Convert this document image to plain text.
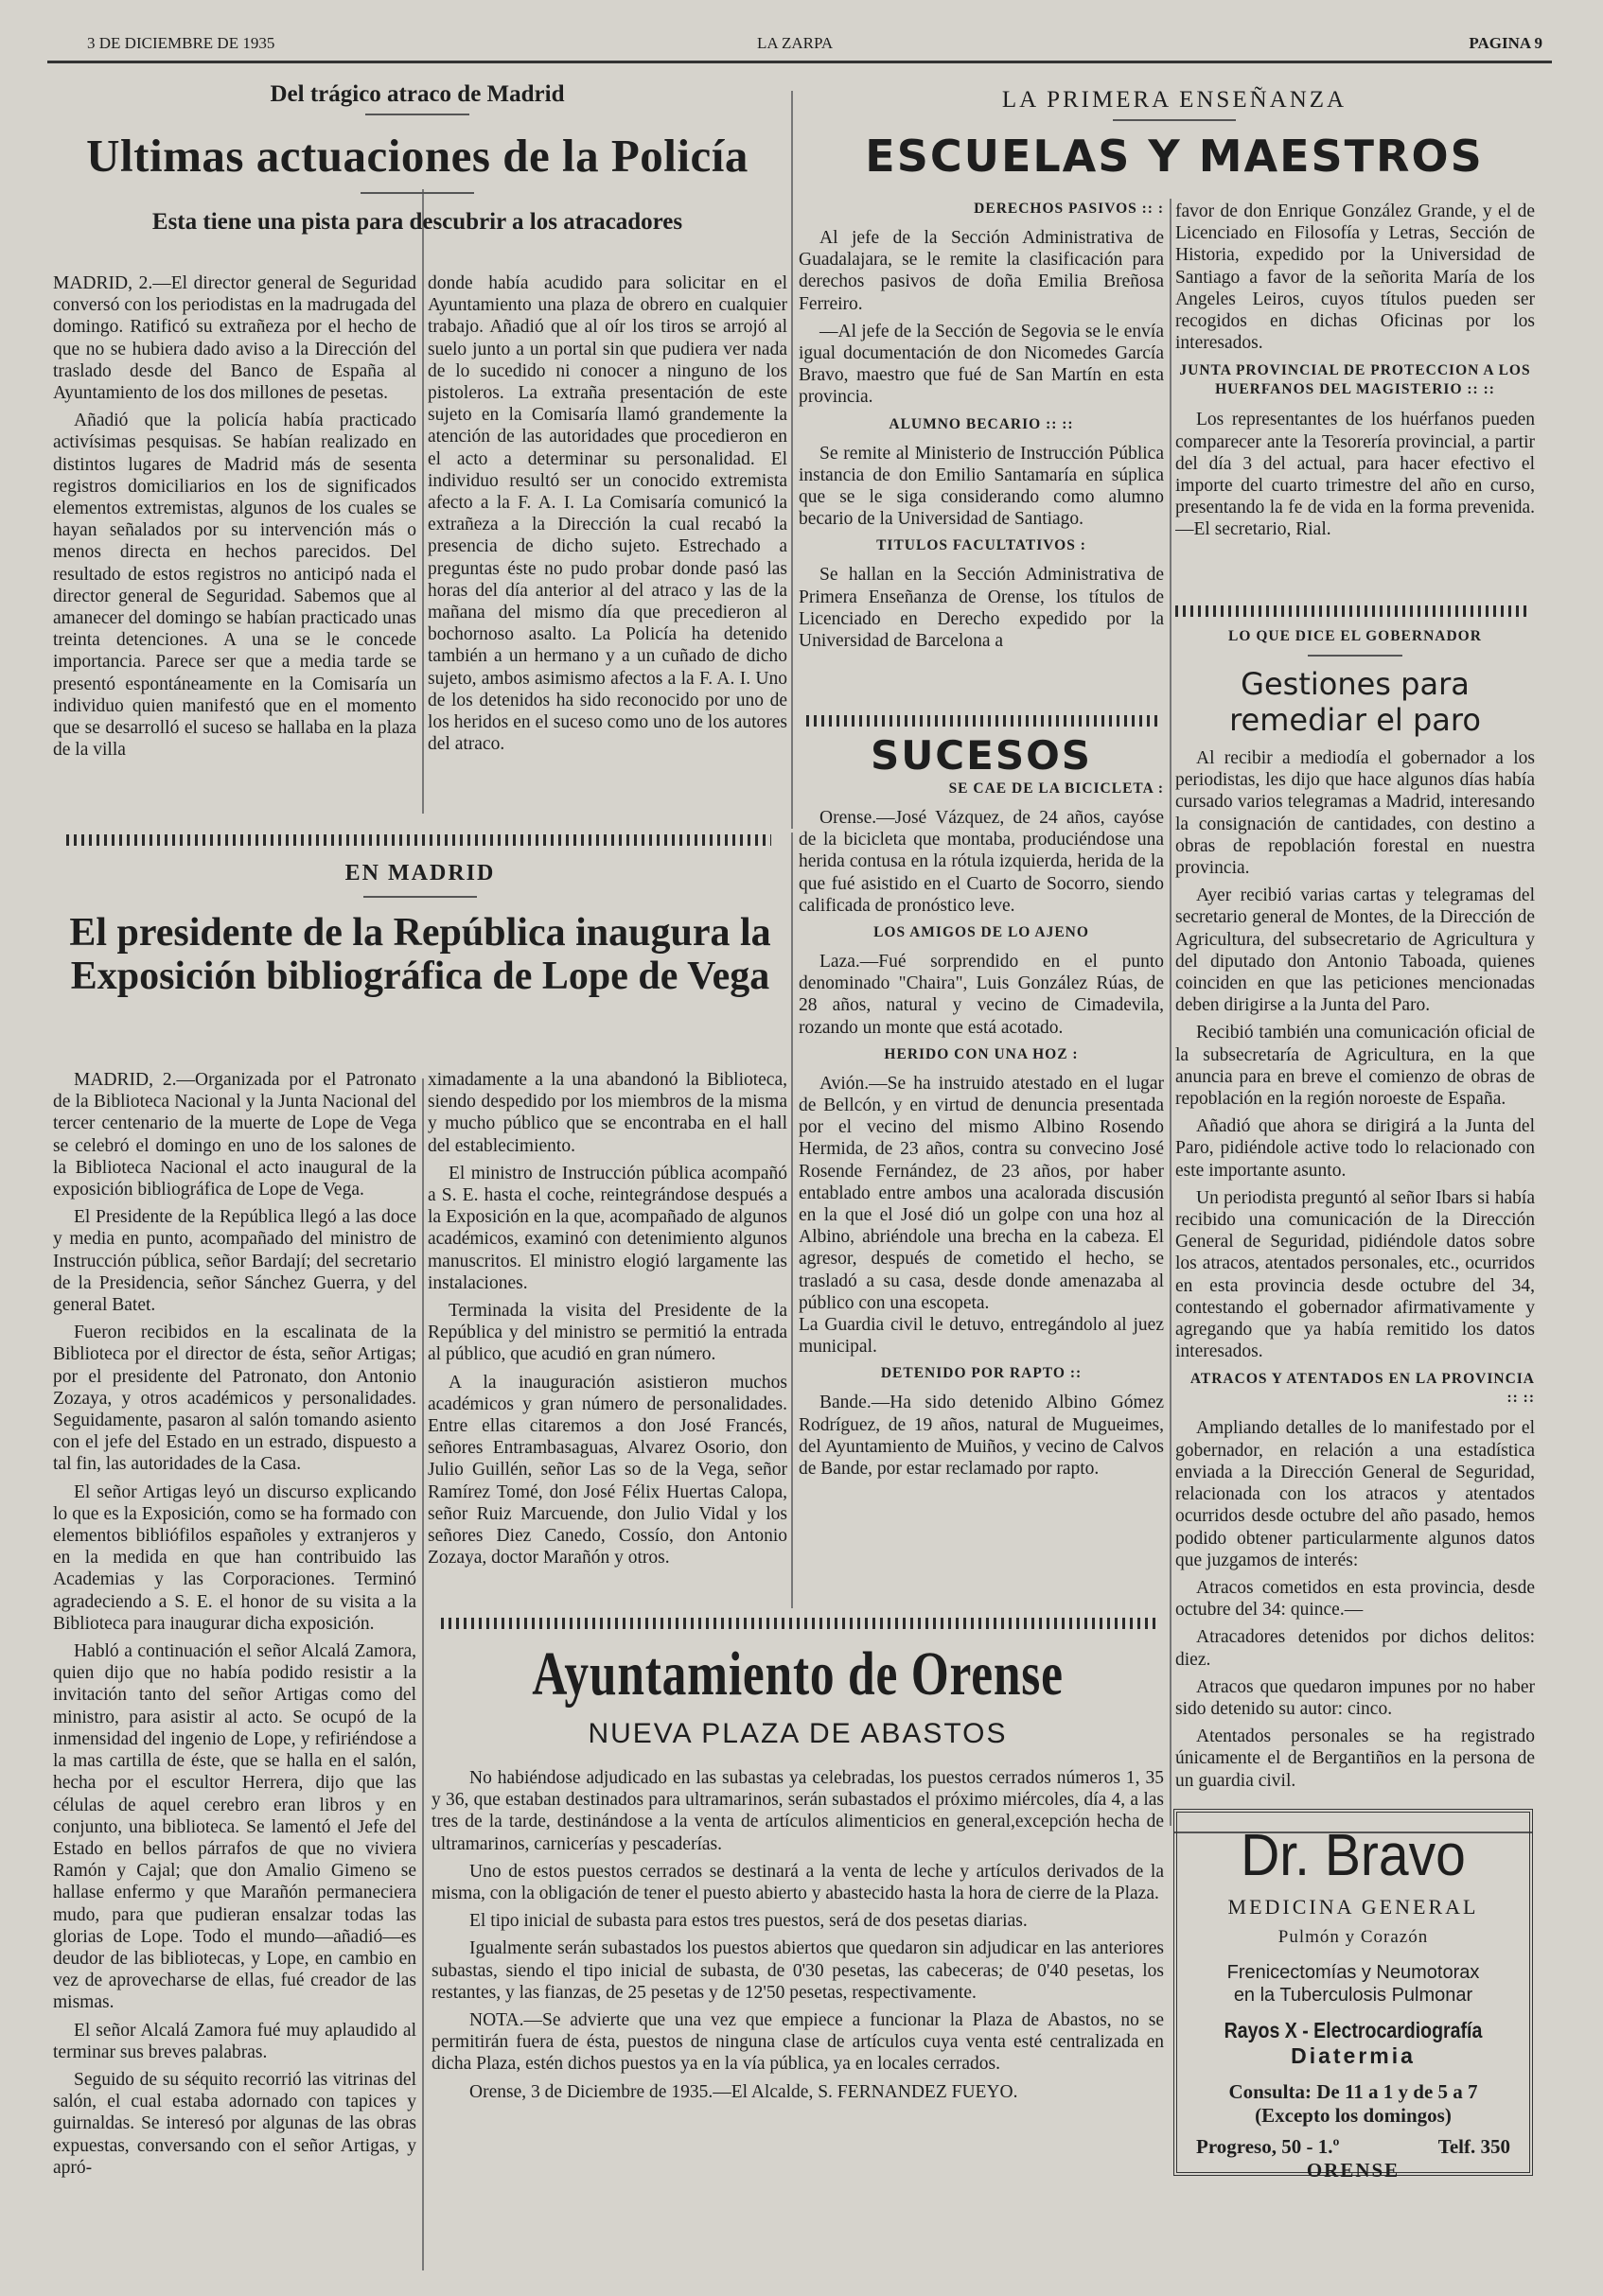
3 DE DICIEMBRE DE 1935	LA ZARPA	PAGINA 9
Del trágico atraco de Madrid
Ultimas actuaciones de la Policía
Esta tiene una pista para descubrir a los atracadores

MADRID, 2.—El director general de Seguridad conversó con los periodistas en la madrugada del domingo. Ratificó su extrañeza por el hecho de que no se hubiera dado aviso a la Dirección del traslado desde del Banco de España al Ayuntamiento de los dos millones de pesetas.

Añadió que la policía había practicado activísimas pesquisas. Se habían realizado en distintos lugares de Madrid más de sesenta registros domiciliarios en los de significados elementos extremistas, algunos de los cuales se hayan señalados por su intervención más o menos directa en hechos parecidos. Del resultado de estos registros no anticipó nada el director general de Seguridad. Sabemos que al amanecer del domingo se habían practicado unas treinta detenciones. A una se le concede importancia. Parece ser que a media tarde se presentó espontáneamente en la Comisaría un individuo quien manifestó que en el momento que se desarrolló el suceso se hallaba en la plaza de la villa

donde había acudido para solicitar en el Ayuntamiento una plaza de obrero en cualquier trabajo. Añadió que al oír los tiros se arrojó al suelo junto a un portal sin que pudiera ver nada de lo sucedido ni conocer a ninguno de los pistoleros. La extraña presentación de este sujeto en la Comisaría llamó grandemente la atención de las autoridades que procedieron en el acto a determinar su personalidad. El individuo resultó ser un conocido extremista afecto a la F. A. I. La Comisaría comunicó la extrañeza a la Dirección la cual recabó la presencia de dicho sujeto. Estrechado a preguntas éste no pudo probar donde pasó las horas del día anterior al del atraco y las de la mañana del mismo día que precedieron al bochornoso asalto. La Policía ha detenido también a un hermano y a un cuñado de dicho sujeto, ambos asimismo afectos a la F. A. I. Uno de los detenidos ha sido reconocido por uno de los heridos en el suceso como uno de los autores del atraco.

EN MADRID
El presidente de la República inaugura la Exposición bibliográfica de Lope de Vega

MADRID, 2.—Organizada por el Patronato de la Biblioteca Nacional y la Junta Nacional del tercer centenario de la muerte de Lope de Vega se celebró el domingo en uno de los salones de la Biblioteca Nacional el acto inaugural de la exposición bibliográfica de Lope de Vega.

El Presidente de la República llegó a las doce y media en punto, acompañado del ministro de Instrucción pública, señor Bardají; del secretario de la Presidencia, señor Sánchez Guerra, y del general Batet.

Fueron recibidos en la escalinata de la Biblioteca por el director de ésta, señor Artigas; por el presidente del Patronato, don Antonio Zozaya, y otros académicos y personalidades. Seguidamente, pasaron al salón tomando asiento con el jefe del Estado en un estrado, dispuesto a tal fin, las autoridades de la Casa.

El señor Artigas leyó un discurso explicando lo que es la Exposición, como se ha formado con elementos bibliófilos españoles y extranjeros y en la medida en que han contribuido las Academias y las Corporaciones. Terminó agradeciendo a S. E. el honor de su visita a la Biblioteca para inaugurar dicha exposición.

Habló a continuación el señor Alcalá Zamora, quien dijo que no había podido resistir a la invitación tanto del señor Artigas como del ministro, para asistir al acto. Se ocupó de la inmensidad del ingenio de Lope, y refiriéndose a la mas cartilla de éste, que se halla en el salón, hecha por el escultor Herrera, dijo que las células de aquel cerebro eran libros y en conjunto, una biblioteca. Se lamentó el Jefe del Estado en bellos párrafos de que no viviera Ramón y Cajal; que don Amalio Gimeno se hallase enfermo y que Marañón permaneciera mudo, para que pudieran ensalzar todas las glorias de Lope. Todo el mundo—añadió—es deudor de las bibliotecas, y Lope, en cambio en vez de aprovecharse de ellas, fué creador de las mismas.

El señor Alcalá Zamora fué muy aplaudido al terminar sus breves palabras.

Seguido de su séquito recorrió las vitrinas del salón, el cual estaba adornado con tapices y guirnaldas. Se interesó por algunas de las obras expuestas, conversando con el señor Artigas, y apró-

ximadamente a la una abandonó la Biblioteca, siendo despedido por los miembros de la misma y mucho público que se encontraba en el hall del establecimiento.

El ministro de Instrucción pública acompañó a S. E. hasta el coche, reintegrándose después a la Exposición en la que, acompañado de algunos académicos, examinó con detenimiento algunos manuscritos. El ministro elogió largamente las instalaciones.

Terminada la visita del Presidente de la República y del ministro se permitió la entrada al público, que acudió en gran número.

A la inauguración asistieron muchos académicos y gran número de personalidades. Entre ellas citaremos a don José Francés, señores Entrambasaguas, Alvarez Osorio, don Julio Guillén, señor Las so de la Vega, señor Ramírez Tomé, don José Félix Huertas Calopa, señor Ruiz Marcuende, don Julio Vidal y los señores Diez Canedo, Cossío, don Antonio Zozaya, doctor Marañón y otros.

LA PRIMERA ENSEÑANZA
ESCUELAS Y MAESTROS
DERECHOS PASIVOS :: :

Al jefe de la Sección Administrativa de Guadalajara, se le remite la clasificación para derechos pasivos de doña Emilia Breñosa Ferreiro.

—Al jefe de la Sección de Segovia se le envía igual documentación de don Nicomedes García Bravo, maestro que fué de San Martín en esta provincia.

ALUMNO BECARIO :: ::

Se remite al Ministerio de Instrucción Pública instancia de don Emilio Santamaría en súplica que se le siga considerando como alumno becario de la Universidad de Santiago.

TITULOS FACULTATIVOS :

Se hallan en la Sección Administrativa de Primera Enseñanza de Orense, los títulos de Licenciado en Derecho expedido por la Universidad de Barcelona a

favor de don Enrique González Grande, y el de Licenciado en Filosofía y Letras, Sección de Historia, expedido por la Universidad de Santiago a favor de la señorita María de los Angeles Leiros, cuyos títulos pueden ser recogidos en dichas Oficinas por los interesados.

JUNTA PROVINCIAL DE PROTECCION A LOS HUERFANOS DEL MAGISTERIO :: ::

Los representantes de los huérfanos pueden comparecer ante la Tesorería provincial, a partir del día 3 del actual, para hacer efectivo el importe del cuarto trimestre del año en curso, presentando la fe de vida en la forma prevenida.—El secretario, Rial.

SUCESOS
SE CAE DE LA BICICLETA :

Orense.—José Vázquez, de 24 años, cayóse de la bicicleta que montaba, produciéndose una herida contusa en la rótula izquierda, herida de la que fué asistido en el Cuarto de Socorro, siendo calificada de pronóstico leve.

LOS AMIGOS DE LO AJENO

Laza.—Fué sorprendido en el punto denominado "Chaira", Luis González Rúas, de 28 años, natural y vecino de Cimadevila, rozando un monte que está acotado.

HERIDO CON UNA HOZ :

Avión.—Se ha instruido atestado en el lugar de Bellcón, y en virtud de denuncia presentada por el vecino del mismo Albino Rosendo Hermida, de 23 años, contra su convecino José Rosende Fernández, de 23 años, por haber entablado entre ambos una acalorada discusión en la que el José dió un golpe con una hoz al Albino, abriéndole una brecha en la cabeza. El agresor, después de cometido el hecho, se trasladó a su casa, desde donde amenazaba al público con una escopeta.
La Guardia civil le detuvo, entregándolo al juez municipal.

DETENIDO POR RAPTO ::

Bande.—Ha sido detenido Albino Gómez Rodríguez, de 19 años, natural de Mugueimes, del Ayuntamiento de Muiños, y vecino de Calvos de Bande, por estar reclamado por rapto.

LO QUE DICE EL GOBERNADOR
Gestiones para remediar el paro

Al recibir a mediodía el gobernador a los periodistas, les dijo que hace algunos días había cursado varios telegramas a Madrid, interesando la consignación de cantidades, con destino a obras de repoblación forestal en nuestra provincia.

Ayer recibió varias cartas y telegramas del secretario general de Montes, de la Dirección de Agricultura, del subsecretario de Agricultura y del diputado don Antonio Taboada, quienes coinciden en que las peticiones mencionadas deben dirigirse a la Junta del Paro.

Recibió también una comunicación oficial de la subsecretaría de Agricultura, en la que anuncia para en breve el comienzo de obras de repoblación en la región noroeste de España.

Añadió que ahora se dirigirá a la Junta del Paro, pidiéndole active todo lo relacionado con este importante asunto.

Un periodista preguntó al señor Ibars si había recibido una comunicación de la Dirección General de Seguridad, pidiéndole datos sobre los atracos, atentados personales, etc., ocurridos en esta provincia desde octubre del 34, contestando el gobernador afirmativamente y agregando que ya había remitido los datos interesados.

ATRACOS Y ATENTADOS EN LA PROVINCIA :: ::

Ampliando detalles de lo manifestado por el gobernador, en relación a una estadística enviada a la Dirección General de Seguridad, relacionada con los atracos y atentados ocurridos desde octubre del año pasado, hemos podido obtener particularmente algunos datos que juzgamos de interés:

Atracos cometidos en esta provincia, desde octubre del 34: quince.—

Atracadores detenidos por dichos delitos: diez.

Atracos que quedaron impunes por no haber sido detenido su autor: cinco.

Atentados personales se ha registrado únicamente el de Bergantiños en la persona de un guardia civil.

Ayuntamiento de Orense
NUEVA PLAZA DE ABASTOS

No habiéndose adjudicado en las subastas ya celebradas, los puestos cerrados números 1, 35 y 36, que estaban destinados para ultramarinos, serán subastados el próximo miércoles, día 4, a las tres de la tarde, destinándose a la venta de artículos alimenticios en general,excepción hecha de ultramarinos, carnicerías y pescaderías.

Uno de estos puestos cerrados se destinará a la venta de leche y artículos derivados de la misma, con la obligación de tener el puesto abierto y abastecido hasta la hora de cierre de la Plaza.

El tipo inicial de subasta para estos tres puestos, será de dos pesetas diarias.

Igualmente serán subastados los puestos abiertos que quedaron sin adjudicar en las anteriores subastas, siendo el tipo inicial de subasta, de 0'30 pesetas, las cabeceras; de 0'40 pesetas, los restantes, y las fianzas, de 25 pesetas y de 12'50 pesetas, respectivamente.

NOTA.—Se advierte que una vez que empiece a funcionar la Plaza de Abastos, no se permitirán fuera de ésta, puestos de ninguna clase de artículos cuya venta esté centralizada en dicha Plaza, estén dichos puestos ya en la vía pública, ya en locales cerrados.

Orense, 3 de Diciembre de 1935.—El Alcalde, S. FERNANDEZ FUEYO.

Dr. Bravo
MEDICINA GENERAL
Pulmón y Corazón
Frenicectomías y Neumotorax
en la Tuberculosis Pulmonar
Rayos X - Electrocardiografía
Diatermia
Consulta: De 11 a 1 y de 5 a 7
(Excepto los domingos)
Progreso, 50 - 1.º	Telf. 350
ORENSE
